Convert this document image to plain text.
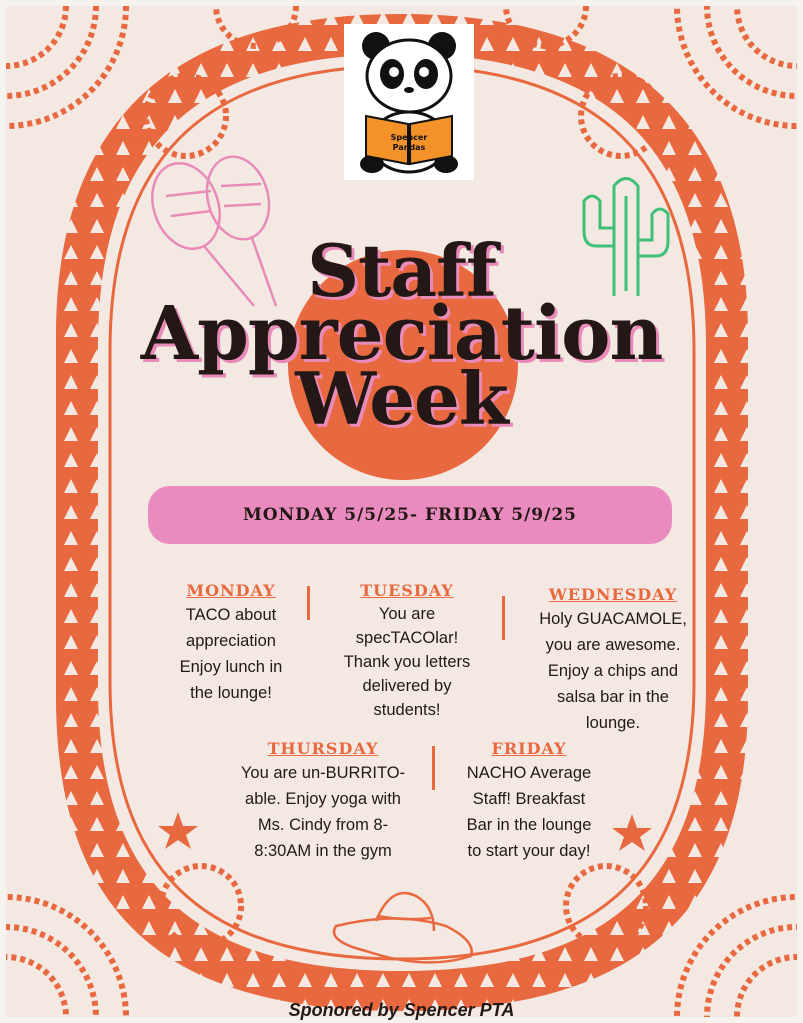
Spencer
Pandas
Staff
Appreciation
Week
MONDAY 5/5/25- FRIDAY 5/9/25
MONDAY
TACO about
appreciation
Enjoy lunch in
the lounge!
TUESDAY
You are
specTACOlar!
Thank you letters
delivered by
students!
WEDNESDAY
Holy GUACAMOLE,
you are awesome.
Enjoy a chips and
salsa bar in the
lounge.
THURSDAY
You are un-BURRITO-
able. Enjoy yoga with
Ms. Cindy from 8-
8:30AM in the gym
FRIDAY
NACHO Average
Staff! Breakfast
Bar in the lounge
to start your day!
Sponored by Spencer PTA
